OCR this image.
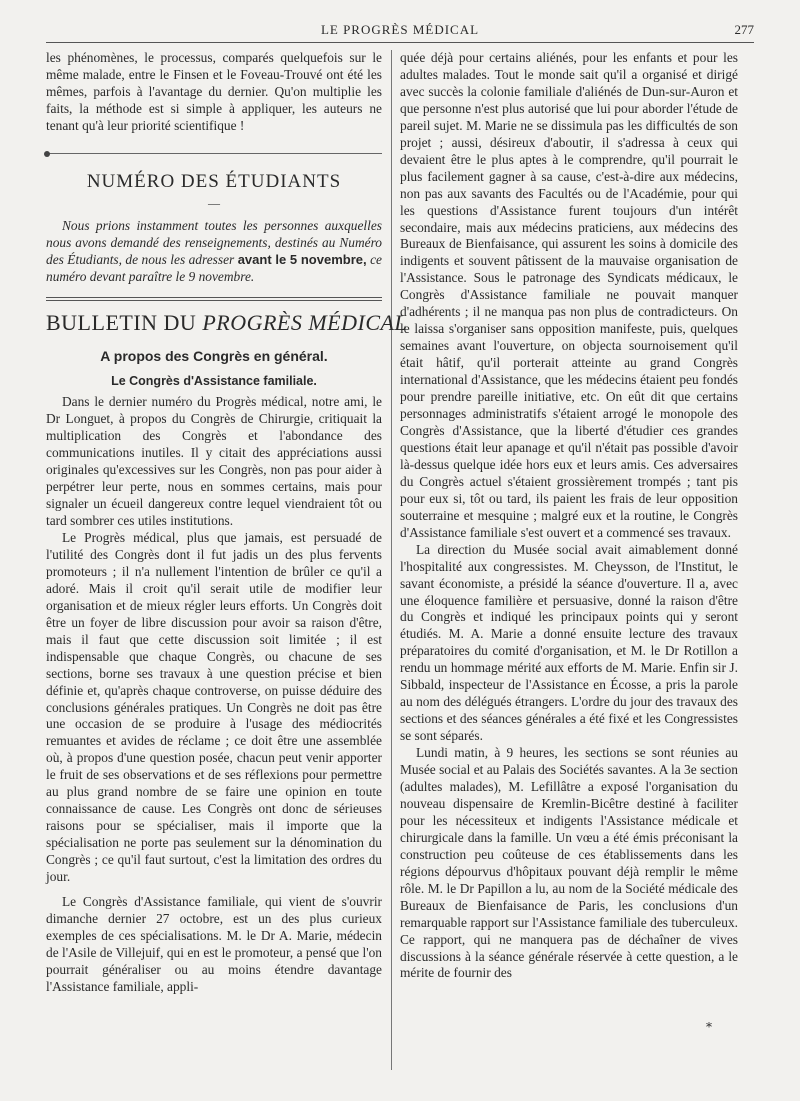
LE PROGRÈS MÉDICAL	277

les phénomènes, le processus, comparés quelquefois sur le même malade, entre le Finsen et le Foveau-Trouvé ont été les mêmes, parfois à l'avantage du dernier. Qu'on multiplie les faits, la méthode est si simple à appliquer, les auteurs ne tenant qu'à leur priorité scientifique !

NUMÉRO DES ÉTUDIANTS
—

Nous prions instamment toutes les personnes auxquelles nous avons demandé des renseignements, destinés au Numéro des Étudiants, de nous les adresser avant le 5 novembre, ce numéro devant paraître le 9 novembre.

BULLETIN DU PROGRÈS MÉDICAL
A propos des Congrès en général.
Le Congrès d'Assistance familiale.

Dans le dernier numéro du Progrès médical, notre ami, le Dr Longuet, à propos du Congrès de Chirurgie, critiquait la multiplication des Congrès et l'abondance des communications inutiles. Il y citait des appréciations aussi originales qu'excessives sur les Congrès, non pas pour aider à perpétrer leur perte, nous en sommes certains, mais pour signaler un écueil dangereux contre lequel viendraient tôt ou tard sombrer ces utiles institutions.

Le Progrès médical, plus que jamais, est persuadé de l'utilité des Congrès dont il fut jadis un des plus fervents promoteurs ; il n'a nullement l'intention de brûler ce qu'il a adoré. Mais il croit qu'il serait utile de modifier leur organisation et de mieux régler leurs efforts. Un Congrès doit être un foyer de libre discussion pour avoir sa raison d'être, mais il faut que cette discussion soit limitée ; il est indispensable que chaque Congrès, ou chacune de ses sections, borne ses travaux à une question précise et bien définie et, qu'après chaque controverse, on puisse déduire des conclusions générales pratiques. Un Congrès ne doit pas être une occasion de se produire à l'usage des médiocrités remuantes et avides de réclame ; ce doit être une assemblée où, à propos d'une question posée, chacun peut venir apporter le fruit de ses observations et de ses réflexions pour permettre au plus grand nombre de se faire une opinion en toute connaissance de cause. Les Congrès ont donc de sérieuses raisons pour se spécialiser, mais il importe que la spécialisation ne porte pas seulement sur la dénomination du Congrès ; ce qu'il faut surtout, c'est la limitation des ordres du jour.

Le Congrès d'Assistance familiale, qui vient de s'ouvrir dimanche dernier 27 octobre, est un des plus curieux exemples de ces spécialisations. M. le Dr A. Marie, médecin de l'Asile de Villejuif, qui en est le promoteur, a pensé que l'on pourrait généraliser ou au moins étendre davantage l'Assistance familiale, appli-

quée déjà pour certains aliénés, pour les enfants et pour les adultes malades. Tout le monde sait qu'il a organisé et dirigé avec succès la colonie familiale d'aliénés de Dun-sur-Auron et que personne n'est plus autorisé que lui pour aborder l'étude de pareil sujet. M. Marie ne se dissimula pas les difficultés de son projet ; aussi, désireux d'aboutir, il s'adressa à ceux qui devaient être le plus aptes à le comprendre, qu'il pourrait le plus facilement gagner à sa cause, c'est-à-dire aux médecins, non pas aux savants des Facultés ou de l'Académie, pour qui les questions d'Assistance furent toujours d'un intérêt secondaire, mais aux médecins praticiens, aux médecins des Bureaux de Bienfaisance, qui assurent les soins à domicile des indigents et souvent pâtissent de la mauvaise organisation de l'Assistance. Sous le patronage des Syndicats médicaux, le Congrès d'Assistance familiale ne pouvait manquer d'adhérents ; il ne manqua pas non plus de contradicteurs. On le laissa s'organiser sans opposition manifeste, puis, quelques semaines avant l'ouverture, on objecta sournoisement qu'il était hâtif, qu'il porterait atteinte au grand Congrès international d'Assistance, que les médecins étaient peu fondés pour prendre pareille initiative, etc. On eût dit que certains personnages administratifs s'étaient arrogé le monopole des Congrès d'Assistance, que la liberté d'étudier ces grandes questions était leur apanage et qu'il n'était pas possible d'avoir là-dessus quelque idée hors eux et leurs amis. Ces adversaires du Congrès actuel s'étaient grossièrement trompés ; tant pis pour eux si, tôt ou tard, ils paient les frais de leur opposition souterraine et mesquine ; malgré eux et la routine, le Congrès d'Assistance familiale s'est ouvert et a commencé ses travaux.

La direction du Musée social avait aimablement donné l'hospitalité aux congressistes. M. Cheysson, de l'Institut, le savant économiste, a présidé la séance d'ouverture. Il a, avec une éloquence familière et persuasive, donné la raison d'être du Congrès et indiqué les principaux points qui y seront étudiés. M. A. Marie a donné ensuite lecture des travaux préparatoires du comité d'organisation, et M. le Dr Rotillon a rendu un hommage mérité aux efforts de M. Marie. Enfin sir J. Sibbald, inspecteur de l'Assistance en Écosse, a pris la parole au nom des délégués étrangers. L'ordre du jour des travaux des sections et des séances générales a été fixé et les Congressistes se sont séparés.

Lundi matin, à 9 heures, les sections se sont réunies au Musée social et au Palais des Sociétés savantes. A la 3e section (adultes malades), M. Lefillâtre a exposé l'organisation du nouveau dispensaire de Kremlin-Bicêtre destiné à faciliter pour les nécessiteux et indigents l'Assistance médicale et chirurgicale dans la famille. Un vœu a été émis préconisant la construction peu coûteuse de ces établissements dans les régions dépourvus d'hôpitaux pouvant déjà remplir le même rôle. M. le Dr Papillon a lu, au nom de la Société médicale des Bureaux de Bienfaisance de Paris, les conclusions d'un remarquable rapport sur l'Assistance familiale des tuberculeux. Ce rapport, qui ne manquera pas de déchaîner de vives discussions à la séance générale réservée à cette question, a le mérite de fournir des

*
